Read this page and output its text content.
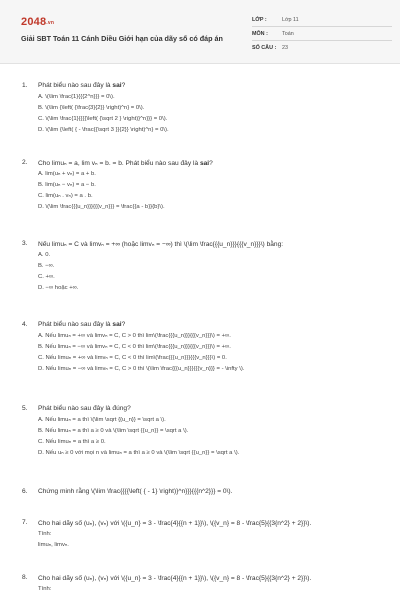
2048.vn
Giải SBT Toán 11 Cánh Diều Giới hạn của dãy số có đáp án
LỚP :	Lớp 11
MÔN :	Toán
SỐ CÂU : 23
1. Phát biểu nào sau đây là sai?
A. \(\lim \frac{1}{{{2^n}}} = 0\).
B. \(\lim {\left( {\frac{3}{2}} \right)^n} = 0\).
C. \(\lim \frac{1}{{{{\left( {\sqrt 2 } \right)}^n}}} = 0\).
D. \(\lim {\left( { - \frac{{\sqrt 3 }}{2}} \right)^n} = 0\).
2. Cho limuₙ = a, lim vₙ = b. = b. Phát biểu nào sau đây là sai?
A. lim(uₙ + vₙ) = a + b.
B. lim(uₙ − vₙ) = a − b.
C. lim(uₙ . vₙ) = a . b.
D. \(\lim \frac{{{u_n}}}{{{v_n}}} = \frac{{a - b}}{b}\).
3. Nếu limuₙ = C và limvₙ = +∞ (hoặc limvₙ = −∞) thì \(\lim \frac{{{u_n}}}{{{v_n}}}\) bằng:
A. 0.
B. −∞.
C. +∞.
D. −∞ hoặc +∞.
4. Phát biểu nào sau đây là sai?
A. Nếu limuₙ = +∞ và limvₙ = C, C > 0 thì lim\(\frac{{{u_n}}}{{{v_n}}}\) = +∞.
B. Nếu limuₙ = −∞ và limvₙ = C, C < 0 thì lim\(\frac{{{u_n}}}{{{v_n}}}\) = +∞.
C. Nếu limuₙ = +∞ và limvₙ = C, C < 0 thì lim\(\frac{{{u_n}}}{{{v_n}}}\) = 0.
D. Nếu limuₙ = −∞ và limvₙ = C, C > 0 thì \(\lim \frac{{{u_n}}}{{{v_n}}} = - \infty \).
5. Phát biểu nào sau đây là đúng?
A. Nếu limuₙ = a thì \(\lim \sqrt {{u_n}} = \sqrt a \).
B. Nếu limuₙ = a thì a ≥ 0 và \(\lim \sqrt {{u_n}} = \sqrt a \).
C. Nếu limuₙ = a thì a ≥ 0.
D. Nếu uₙ ≥ 0 với mọi n và limuₙ = a thì a ≥ 0 và \(\lim \sqrt {{u_n}} = \sqrt a \).
6. Chứng minh rằng \(\lim \frac{{{{\left( { - 1} \right)}^n}}}{{{n^2}}} = 0\).
7. Cho hai dãy số (uₙ), (vₙ) với \({u_n} = 3 - \frac{4}{{n + 1}}\), \({v_n} = 8 - \frac{5}{{3{n^2} + 2}}\).
Tính:
limuₙ, limvₙ.
8. Cho hai dãy số (uₙ), (vₙ) với \({u_n} = 3 - \frac{4}{{n + 1}}\), \({v_n} = 8 - \frac{5}{{3{n^2} + 2}}\).
Tính:
